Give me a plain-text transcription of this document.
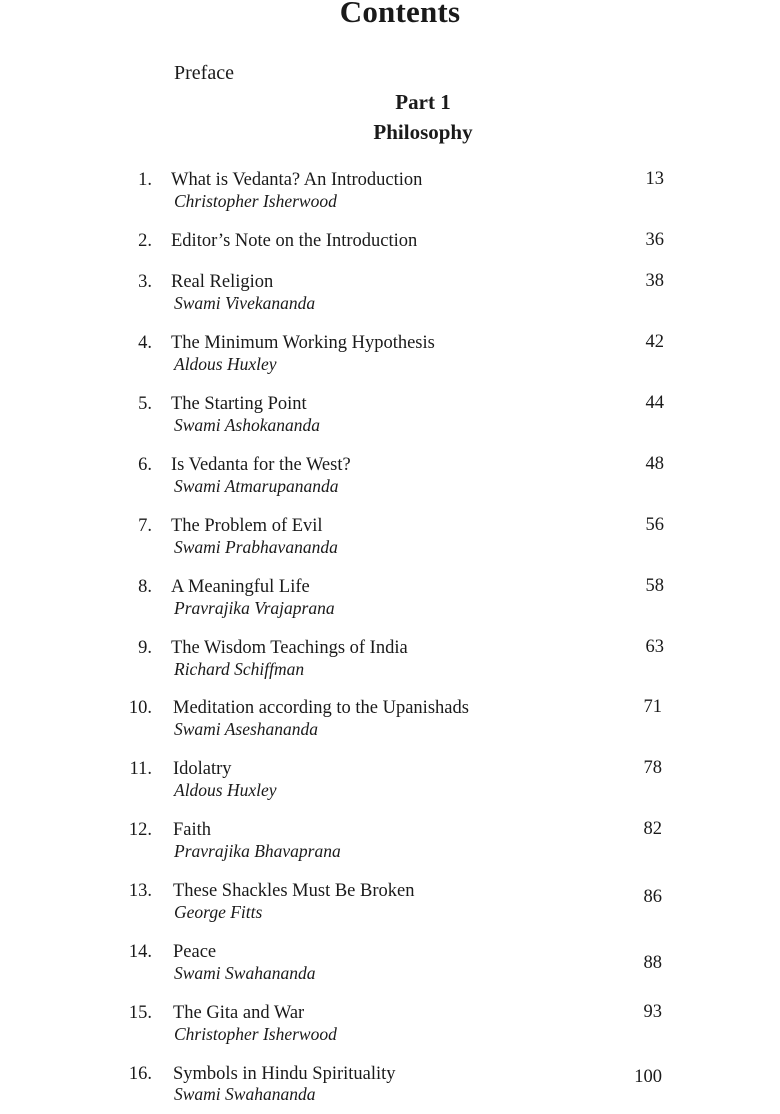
Contents
Preface
Part 1
Philosophy
1. What is Vedanta? An Introduction
Christopher Isherwood
13
2. Editor’s Note on the Introduction	36
3. Real Religion
Swami Vivekananda
38
4. The Minimum Working Hypothesis
Aldous Huxley
42
5. The Starting Point
Swami Ashokananda
44
6. Is Vedanta for the West?
Swami Atmarupananda
48
7. The Problem of Evil
Swami Prabhavananda
56
8. A Meaningful Life
Pravrajika Vrajaprana
58
9. The Wisdom Teachings of India
Richard Schiffman
63
10. Meditation according to the Upanishads
Swami Aseshananda
71
11. Idolatry
Aldous Huxley
78
12. Faith
Pravrajika Bhavaprana
82
13. These Shackles Must Be Broken
George Fitts
86
14. Peace
Swami Swahananda	88
15. The Gita and War
Christopher Isherwood
93
16. Symbols in Hindu Spirituality
Swami Swahananda
100
